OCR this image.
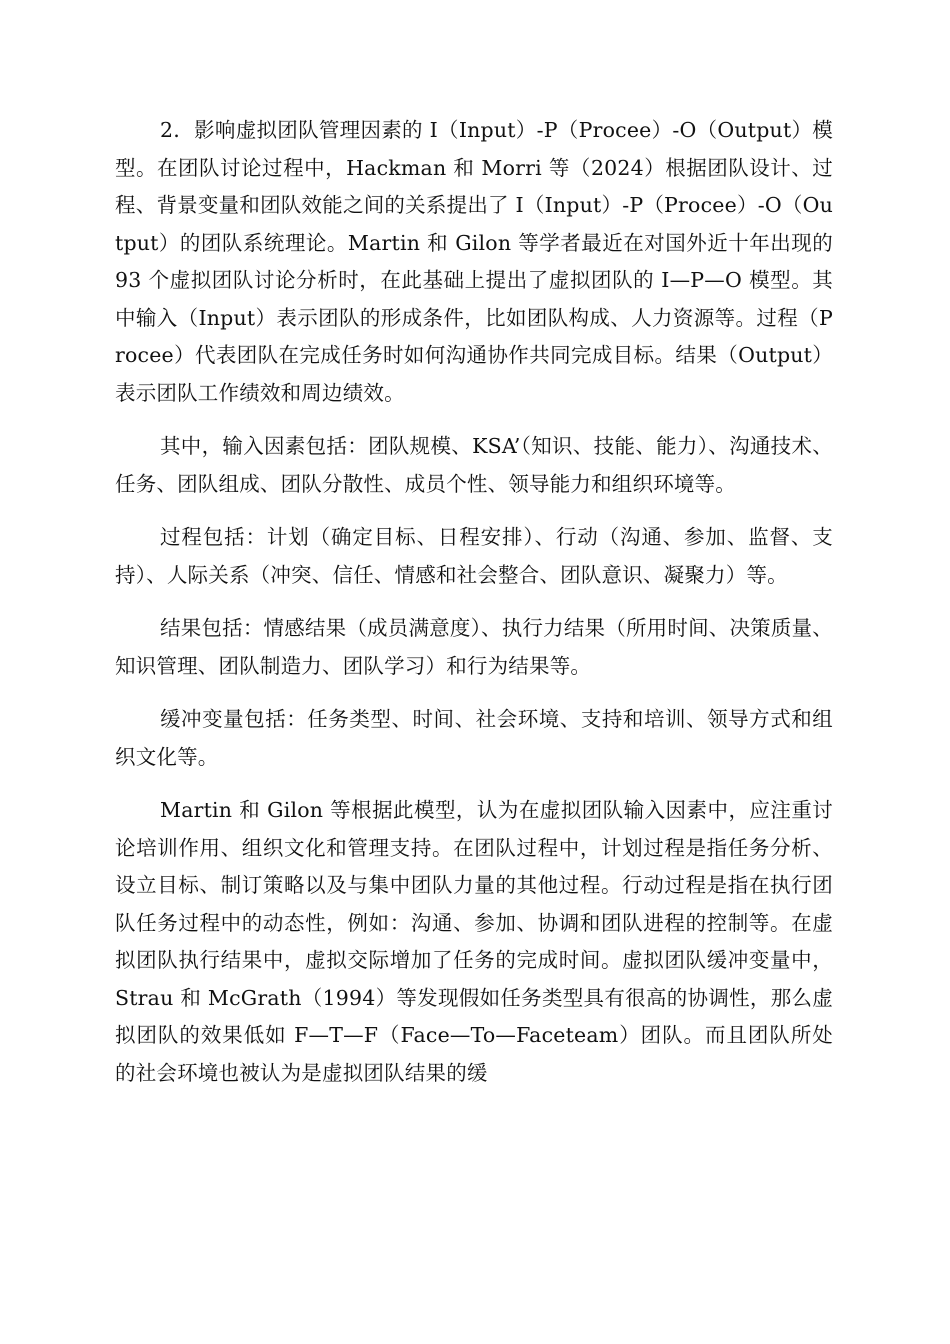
2．影响虚拟团队管理因素的 I（Input）-P（Procee）-O（Output）模型。在团队讨论过程中，Hackman 和 Morri 等（2024）根据团队设计、过程、背景变量和团队效能之间的关系提出了 I（Input）-P（Procee）-O（Output）的团队系统理论。Martin 和 Gilon 等学者最近在对国外近十年出现的 93 个虚拟团队讨论分析时，在此基础上提出了虚拟团队的 I—P—O 模型。其中输入（Input）表示团队的形成条件，比如团队构成、人力资源等。过程（Procee）代表团队在完成任务时如何沟通协作共同完成目标。结果（Output）表示团队工作绩效和周边绩效。

其中，输入因素包括：团队规模、KSA’（知识、技能、能力）、沟通技术、任务、团队组成、团队分散性、成员个性、领导能力和组织环境等。

过程包括：计划（确定目标、日程安排）、行动（沟通、参加、监督、支持）、人际关系（冲突、信任、情感和社会整合、团队意识、凝聚力）等。

结果包括：情感结果（成员满意度）、执行力结果（所用时间、决策质量、知识管理、团队制造力、团队学习）和行为结果等。

缓冲变量包括：任务类型、时间、社会环境、支持和培训、领导方式和组织文化等。

Martin 和 Gilon 等根据此模型，认为在虚拟团队输入因素中，应注重讨论培训作用、组织文化和管理支持。在团队过程中，计划过程是指任务分析、设立目标、制订策略以及与集中团队力量的其他过程。行动过程是指在执行团队任务过程中的动态性，例如：沟通、参加、协调和团队进程的控制等。在虚拟团队执行结果中，虚拟交际增加了任务的完成时间。虚拟团队缓冲变量中，Strau 和 McGrath（1994）等发现假如任务类型具有很高的协调性，那么虚拟团队的效果低如 F—T—F（Face—To—Faceteam）团队。而且团队所处的社会环境也被认为是虚拟团队结果的缓
